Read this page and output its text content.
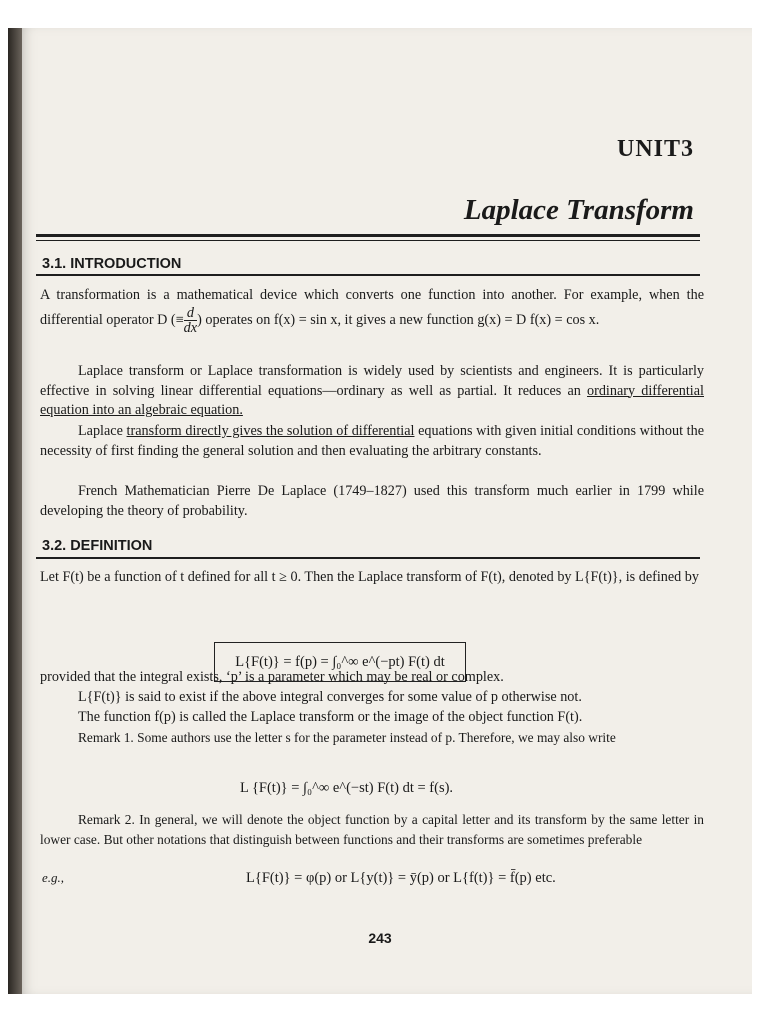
UNIT3
Laplace Transform
3.1. INTRODUCTION
A transformation is a mathematical device which converts one function into another. For example, when the differential operator D (≡ $\frac{d}{dx}$ ) operates on f(x) = sin x, it gives a new function g(x) = D f(x) = cos x.
Laplace transform or Laplace transformation is widely used by scientists and engineers. It is particularly effective in solving linear differential equations—ordinary as well as partial. It reduces an ordinary differential equation into an algebraic equation.
Laplace transform directly gives the solution of differential equations with given initial conditions without the necessity of first finding the general solution and then evaluating the arbitrary constants.
French Mathematician Pierre De Laplace (1749–1827) used this transform much earlier in 1799 while developing the theory of probability.
3.2. DEFINITION
Let F(t) be a function of t defined for all t ≥ 0. Then the Laplace transform of F(t), denoted by L{F(t)}, is defined by
L{F(t)} = f(p) = ∫₀^∞ e^(−pt) F(t) dt
provided that the integral exists, ‘p’ is a parameter which may be real or complex.
L{F(t)} is said to exist if the above integral converges for some value of p otherwise not.
The function f(p) is called the Laplace transform or the image of the object function F(t).
Remark 1. Some authors use the letter s for the parameter instead of p. Therefore, we may also write
L {F(t)} = ∫₀^∞ e^(−st) F(t) dt = f(s).
Remark 2. In general, we will denote the object function by a capital letter and its transform by the same letter in lower case. But other notations that distinguish between functions and their transforms are sometimes preferable
e.g.,	L{F(t)} = φ(p) or L{y(t)} = ȳ(p) or L{f(t)} = f̄(p) etc.
243
